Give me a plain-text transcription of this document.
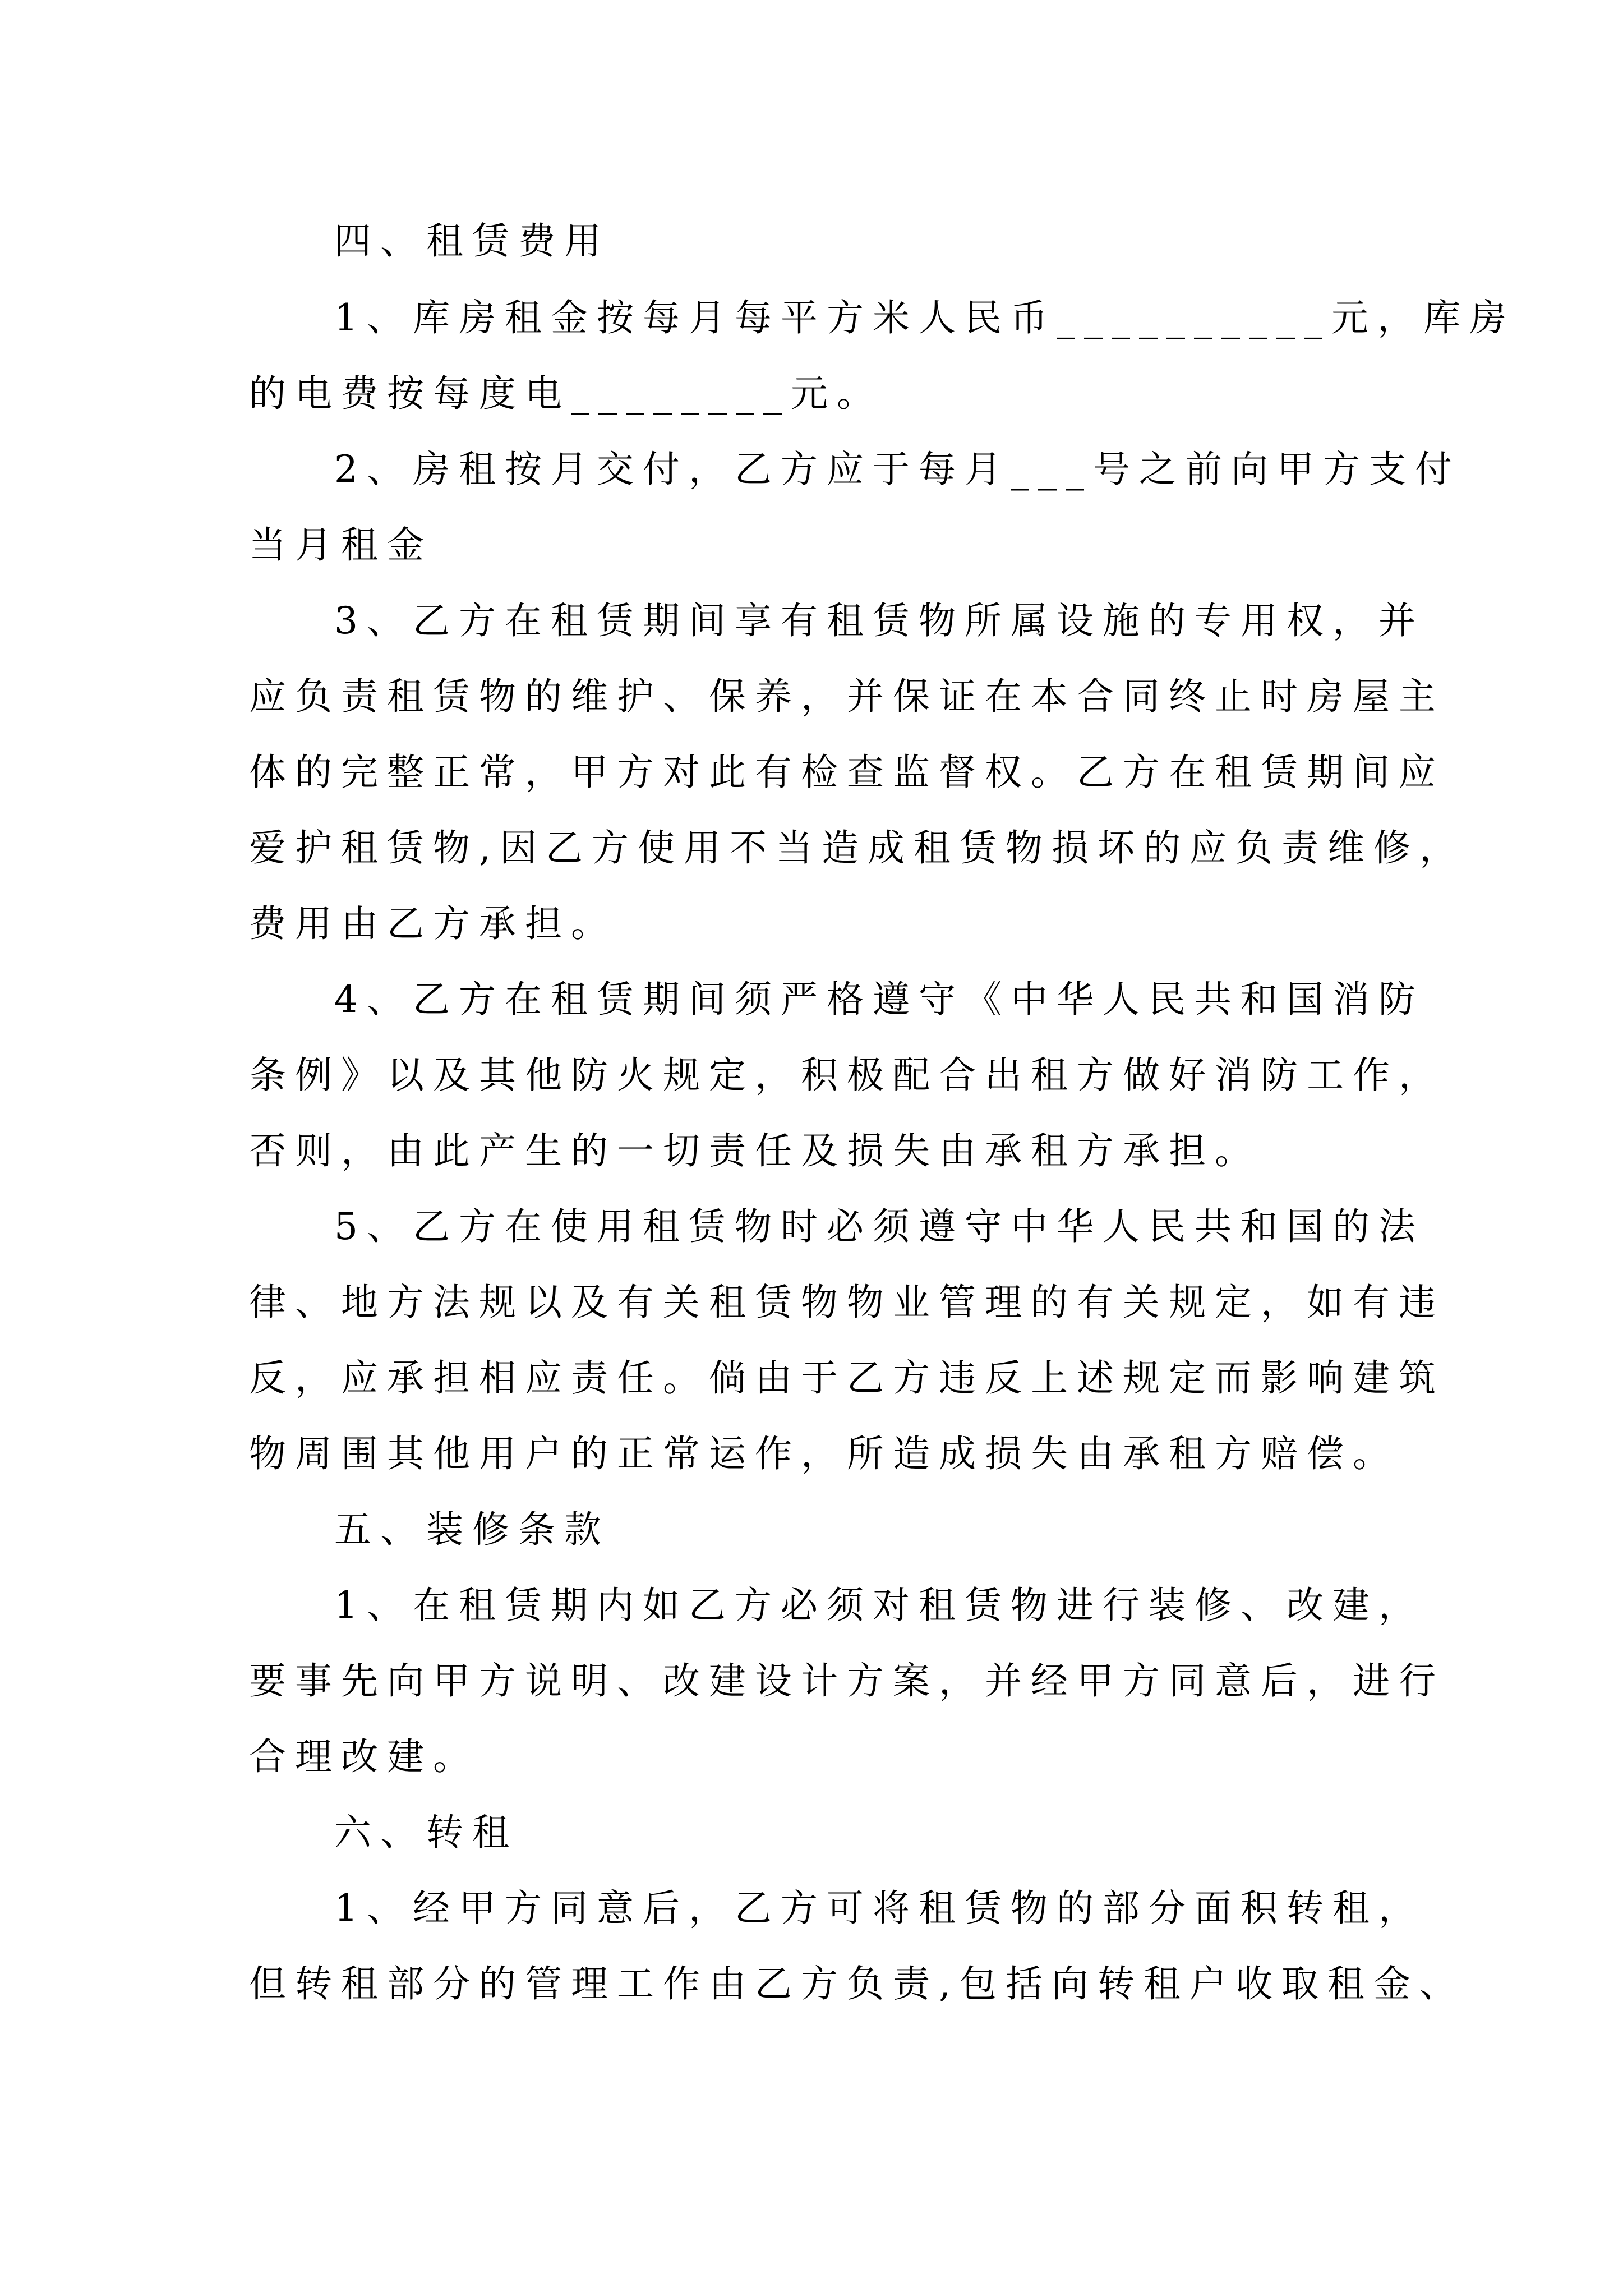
四、租赁费用
1、库房租金按每月每平方米人民币__________元，库房
的电费按每度电________元。
2、房租按月交付，乙方应于每月___号之前向甲方支付
当月租金
3、乙方在租赁期间享有租赁物所属设施的专用权，并
应负责租赁物的维护、保养，并保证在本合同终止时房屋主
体的完整正常，甲方对此有检查监督权。乙方在租赁期间应
爱护租赁物,因乙方使用不当造成租赁物损坏的应负责维修，
费用由乙方承担。
4、乙方在租赁期间须严格遵守《中华人民共和国消防
条例》以及其他防火规定，积极配合出租方做好消防工作，
否则，由此产生的一切责任及损失由承租方承担。
5、乙方在使用租赁物时必须遵守中华人民共和国的法
律、地方法规以及有关租赁物物业管理的有关规定，如有违
反，应承担相应责任。倘由于乙方违反上述规定而影响建筑
物周围其他用户的正常运作，所造成损失由承租方赔偿。
五、装修条款
1、在租赁期内如乙方必须对租赁物进行装修、改建，
要事先向甲方说明、改建设计方案，并经甲方同意后，进行
合理改建。
六、转租
1、经甲方同意后，乙方可将租赁物的部分面积转租，
但转租部分的管理工作由乙方负责,包括向转租户收取租金、
